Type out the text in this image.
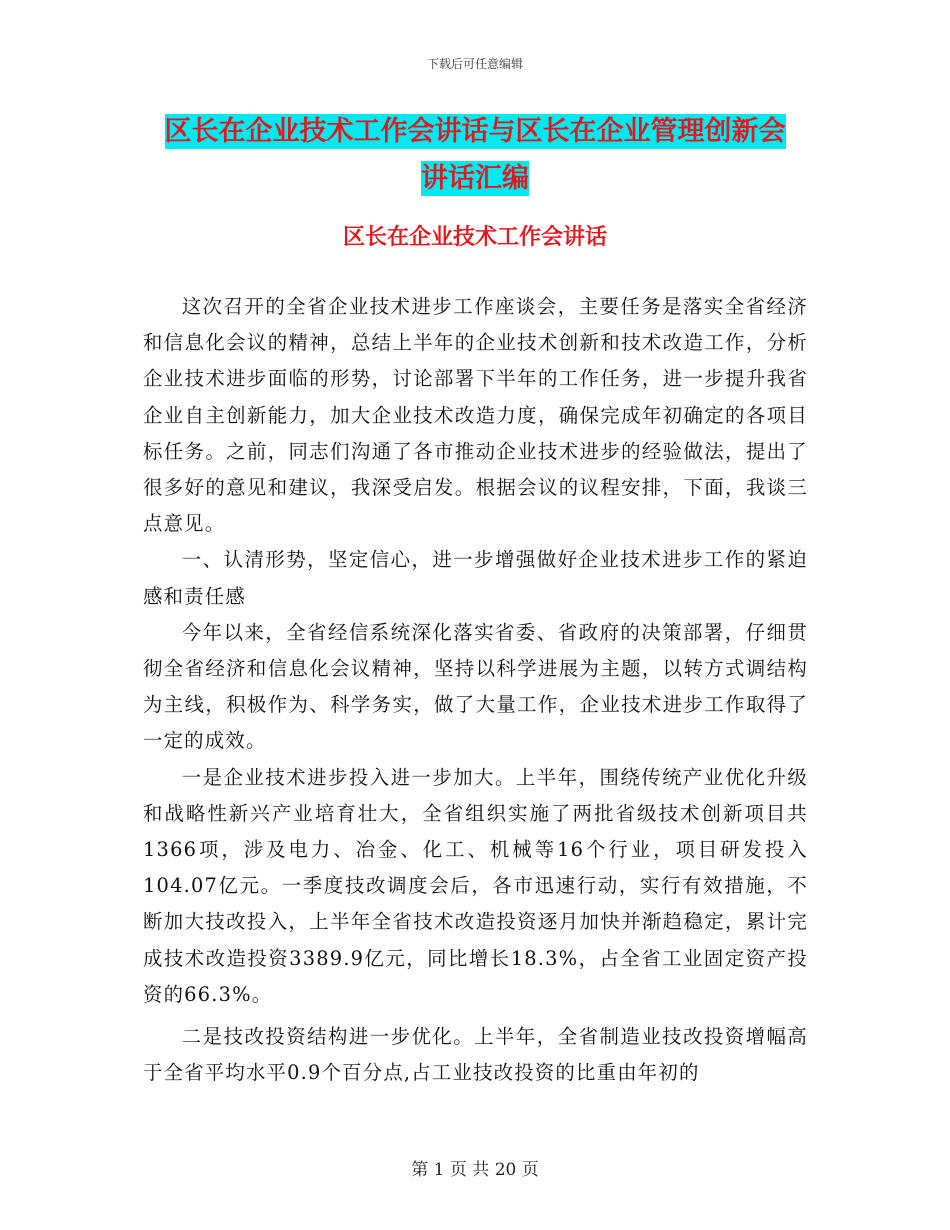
下载后可任意编辑
区长在企业技术工作会讲话与区长在企业管理创新会
讲话汇编
区长在企业技术工作会讲话

这次召开的全省企业技术进步工作座谈会，主要任务是落实全省经济和信息化会议的精神，总结上半年的企业技术创新和技术改造工作，分析企业技术进步面临的形势，讨论部署下半年的工作任务，进一步提升我省企业自主创新能力，加大企业技术改造力度，确保完成年初确定的各项目标任务。之前，同志们沟通了各市推动企业技术进步的经验做法，提出了很多好的意见和建议，我深受启发。根据会议的议程安排，下面，我谈三点意见。

一、认清形势，坚定信心，进一步增强做好企业技术进步工作的紧迫感和责任感

今年以来，全省经信系统深化落实省委、省政府的决策部署，仔细贯彻全省经济和信息化会议精神，坚持以科学进展为主题，以转方式调结构为主线，积极作为、科学务实，做了大量工作，企业技术进步工作取得了一定的成效。

一是企业技术进步投入进一步加大。上半年，围绕传统产业优化升级和战略性新兴产业培育壮大，全省组织实施了两批省级技术创新项目共1366项，涉及电力、冶金、化工、机械等16个行业，项目研发投入104.07亿元。一季度技改调度会后，各市迅速行动，实行有效措施，不断加大技改投入，上半年全省技术改造投资逐月加快并渐趋稳定，累计完成技术改造投资3389.9亿元，同比增长18.3%，占全省工业固定资产投资的66.3%。

二是技改投资结构进一步优化。上半年，全省制造业技改投资增幅高于全省平均水平0.9个百分点,占工业技改投资的比重由年初的

第 1 页 共 20 页
